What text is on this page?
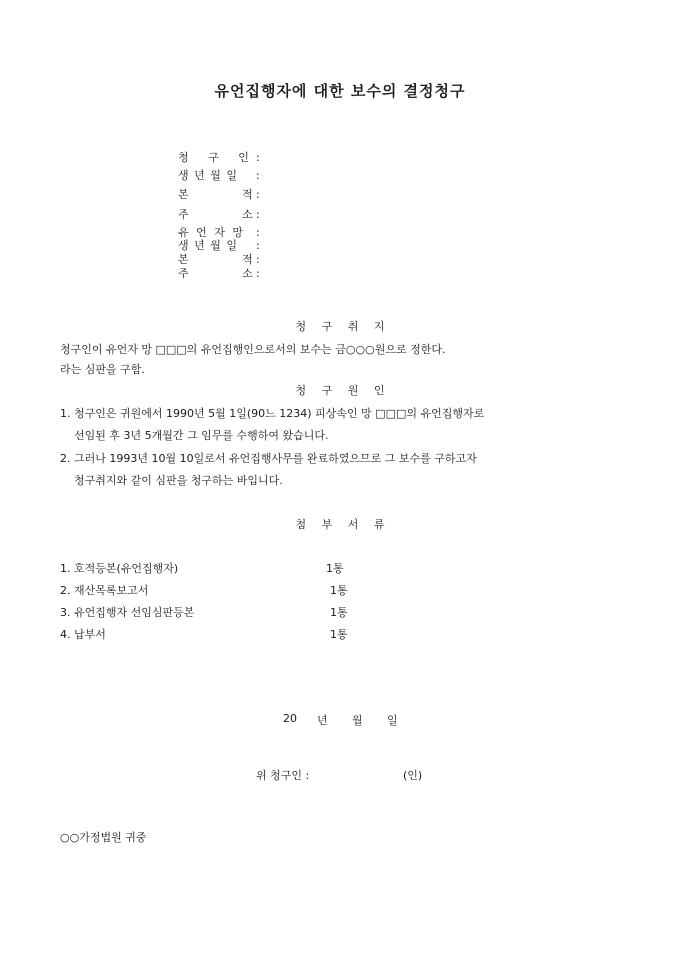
유언집행자에 대한 보수의 결정청구
청 구 인:
생 년 월 일 :
본 적 :
주 소 :
유 언 자 망 :
생 년 월 일 :
본 적 :
주 소 :
청 구 취 지
청구인이 유언자 망 □□□의 유언집행인으로서의 보수는 금○○○원으로 정한다.
라는 심판을 구함.
청 구 원 인
1. 청구인은 귀원에서 1990년 5월 1일(90느 1234) 피상속인 망 □□□의 유언집행자로
선임된 후 3년 5개월간 그 임무를 수행하여 왔습니다.
2. 그러나 1993년 10월 10일로서 유언집행사무를 완료하였으므로 그 보수를 구하고자
청구취지와 같이 심판을 청구하는 바입니다.
첨 부 서 류
1. 호적등본(유언집행자)	1통
2. 재산목록보고서	1통
3. 유언집행자 선임심판등본	1통
4. 납부서	1통
20 년 월 일
위 청구인 :	(인)
○○가정법원 귀중
